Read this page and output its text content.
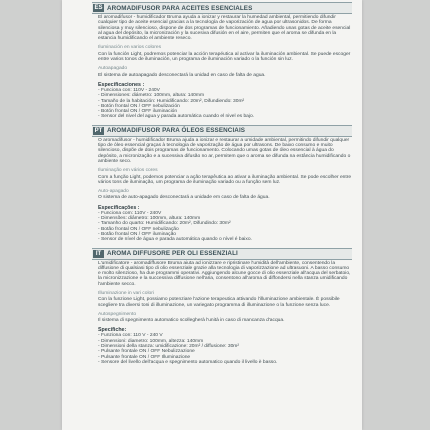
ES AROMADIFUSOR PARA ACEITES ESENCIALES

El aromadifusor - humidificador Bruma ayuda a ionizar y restaurar la humedad ambiental, permitiendo difundir cualquier tipo de aceite esencial gracias a la tecnología de vaporización de agua por ultrasonidos. De forma silenciosa y muy silencioso, dispone de dos programas de funcionamiento. Añadiendo unas gotas de aceite esencial al agua del depósito, la micronización y la sucesiva difusión en el aire, permiten que el aroma se difunda en la estancia humidificando el ambiente reseco.

Iluminación en varios colores

Con la función Light, podremos potenciar la acción terapéutica al activar la iluminación ambiental. Se puede escoger entre varios tonos de iluminación, un programa de iluminación variado o la función sin luz.

Autoapagado

El sistema de autoapagado desconectará la unidad en caso de falta de agua.

Especificaciones :
- Funciona con: 110V - 240V
- Dimensiones: diámetro: 100mm, altura: 140mm
- Tamaño de la habitación: Humidificando: 20m², Difundiendo: 30m²
- Botón frontal ON / OFF nebulización
- Botón frontal ON / OFF iluminación
- Sensor del nivel del agua y parada automática cuando el nivel es bajo.
PT AROMADIFUSOR PARA ÓLEOS ESSENCIAIS

O aromadifusor - humidificador Bruma ajuda a ionizar e restaurar a umidade ambiental, permitindo difundir qualquer tipo de óleo essencial graças à tecnologia de vaporização de água por ultrasons. De baixo consumo e muito silencioso, dispõe de dois programas de funcionamento. Colocando umas gotas de óleo essencial à água do depósito, a micronização e a sucessiva difusão no ar, permitem que o aroma se difunda na estância humidificando o ambiente seco.

Iluminação em vários cores

Com a função Light, podemos potenciar a ação terapêutica ao ativar a iluminação ambiental. Se pode escolher entre vários tons de iluminação, um programa de iluminação variado ou a função sem luz.

Auto-apagado

O sistema de auto-apagado desconectará a unidade em caso de falta de água.

Especificações :
- Funciona com: 110V - 240V
- Dimensões: diâmetro: 100mm, altura: 140mm
- Tamanho do quarto: Humidificando: 20m², Difundindo: 30m²
- Botão frontal ON / OFF nebulização
- Botão frontal ON / OFF iluminação
- Sensor de nível de água e parada automática quando o nível é baixo.
IT AROMA DIFFUSORE PER OLI ESSENZIALI

L'umidificatore - aromadiffusore Bruma aiuta ad ionizzare e ripristinare l'umidità dell'ambiente, consentendo la diffusione di qualsiasi tipo di olio essenziale grazie alla tecnologia di vaporizzazione ad ultrasuoni. A basso consumo e molto silenzioso, ha due programmi operativi. Aggiungendo alcune gocce di olio essenziale all'acqua del serbatoio, la micronizzazione e la successiva diffusione nell'aria, consentono all'aroma di diffondersi nella stanza umidificando l'ambiente secco.

Illuminazione in vari colori

Con la funzione Light, possiamo potenziare l'azione terapeutica attivando l'illuminazione ambientale. È possibile scegliere tra diversi toni di illuminazione, un variegato programma di illuminazione o la funzione senza luce.

Autospegnimento

Il sistema di spegnimento automatico scollegherà l'unità in caso di mancanza d'acqua.

Specifiche:
- Funziona con: 110 V - 240 V
- Dimensioni: diametro: 100mm, altezza: 140mm
- Dimensioni della stanza: umidificazione: 20m² / diffusione: 30m²
- Pulsante frontale ON / OFF Nebulizzazione
- Pulsante frontale ON / OFF Illuminazione
- Sensore del livello dell'acqua e spegnimento automatico quando il livello è basso.
